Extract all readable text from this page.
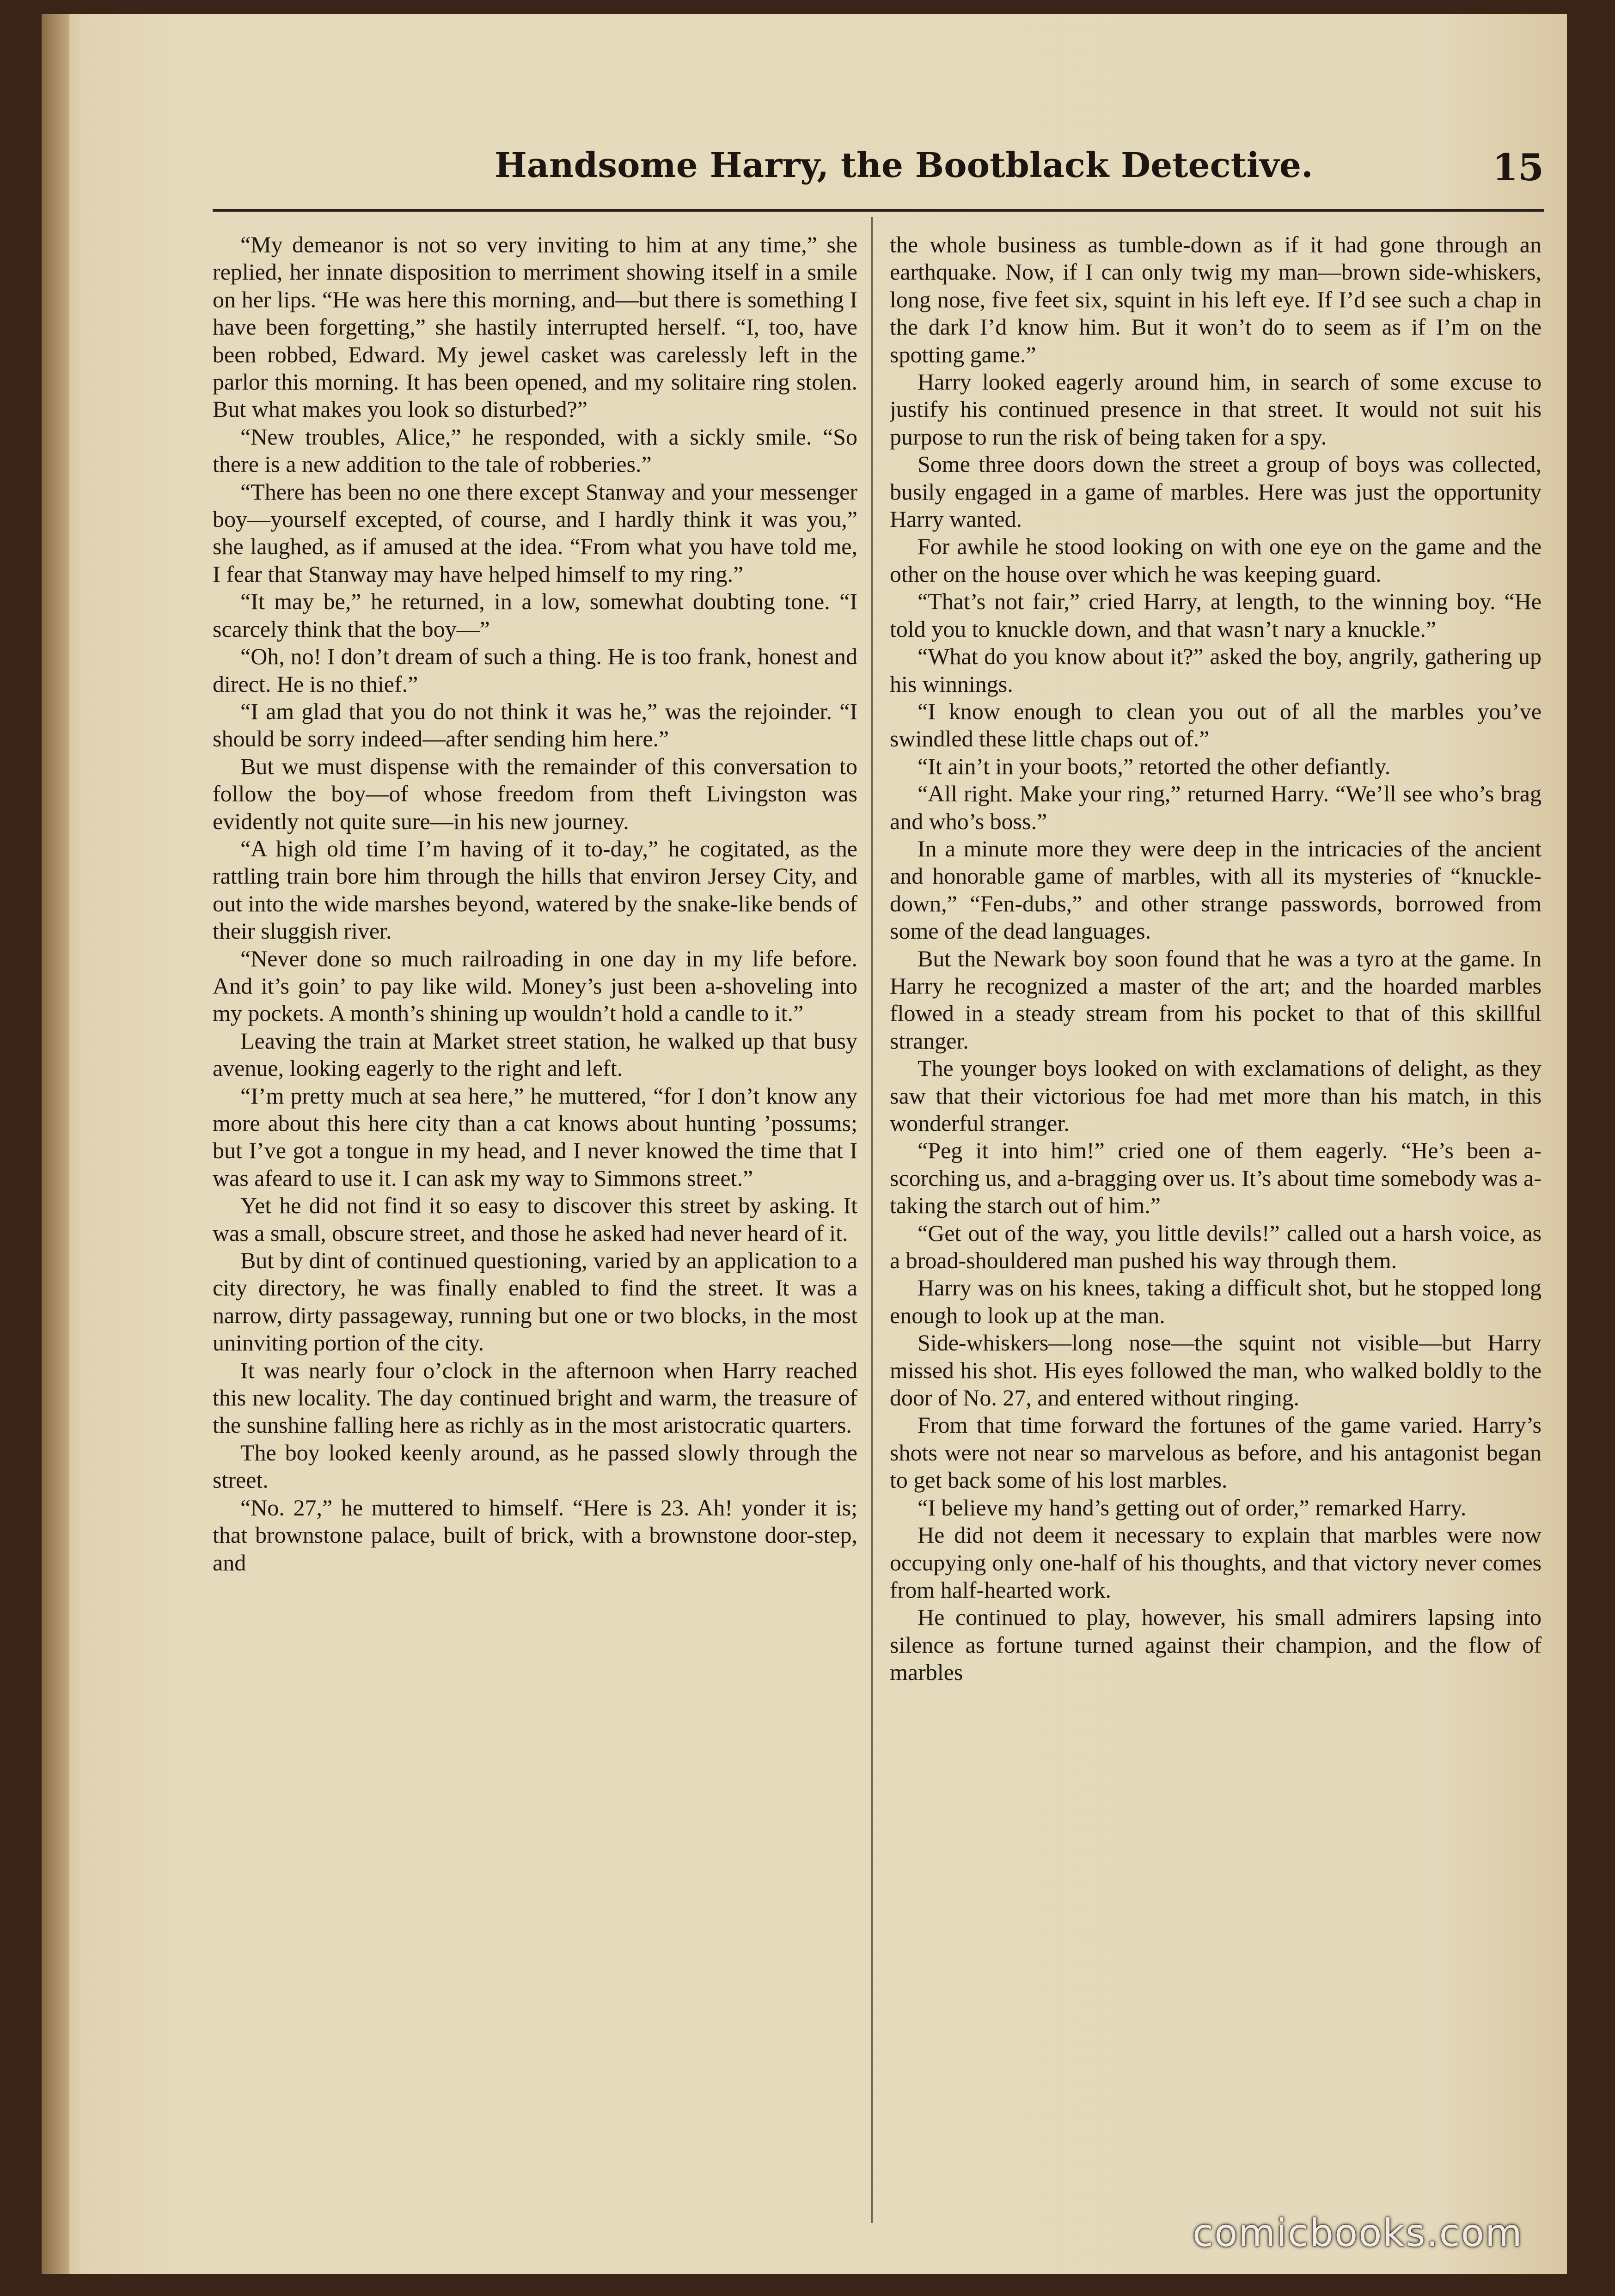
Handsome Harry, the Bootblack Detective.	15

“My demeanor is not so very inviting to him at any time,” she replied, her innate disposition to merriment showing itself in a smile on her lips. “He was here this morning, and—but there is something I have been forgetting,” she hastily interrupted herself. “I, too, have been robbed, Edward. My jewel casket was carelessly left in the parlor this morning. It has been opened, and my solitaire ring stolen. But what makes you look so disturbed?”

“New troubles, Alice,” he responded, with a sickly smile. “So there is a new addition to the tale of robberies.”

“There has been no one there except Stanway and your messenger boy—yourself excepted, of course, and I hardly think it was you,” she laughed, as if amused at the idea. “From what you have told me, I fear that Stanway may have helped himself to my ring.”

“It may be,” he returned, in a low, somewhat doubting tone. “I scarcely think that the boy—”

“Oh, no! I don’t dream of such a thing. He is too frank, honest and direct. He is no thief.”

“I am glad that you do not think it was he,” was the rejoinder. “I should be sorry indeed—after sending him here.”

But we must dispense with the remainder of this conversation to follow the boy—of whose freedom from theft Livingston was evidently not quite sure—in his new journey.

“A high old time I’m having of it to-day,” he cogitated, as the rattling train bore him through the hills that environ Jersey City, and out into the wide marshes beyond, watered by the snake-like bends of their sluggish river.

“Never done so much railroading in one day in my life before. And it’s goin’ to pay like wild. Money’s just been a-shoveling into my pockets. A month’s shining up wouldn’t hold a candle to it.”

Leaving the train at Market street station, he walked up that busy avenue, looking eagerly to the right and left.

“I’m pretty much at sea here,” he muttered, “for I don’t know any more about this here city than a cat knows about hunting ’possums; but I’ve got a tongue in my head, and I never knowed the time that I was afeard to use it. I can ask my way to Simmons street.”

Yet he did not find it so easy to discover this street by asking. It was a small, obscure street, and those he asked had never heard of it.

But by dint of continued questioning, varied by an application to a city directory, he was finally enabled to find the street. It was a narrow, dirty passageway, running but one or two blocks, in the most uninviting portion of the city.

It was nearly four o’clock in the afternoon when Harry reached this new locality. The day continued bright and warm, the treasure of the sunshine falling here as richly as in the most aristocratic quarters.

The boy looked keenly around, as he passed slowly through the street.

“No. 27,” he muttered to himself. “Here is 23. Ah! yonder it is; that brownstone palace, built of brick, with a brownstone door-step, and

the whole business as tumble-down as if it had gone through an earthquake. Now, if I can only twig my man—brown side-whiskers, long nose, five feet six, squint in his left eye. If I’d see such a chap in the dark I’d know him. But it won’t do to seem as if I’m on the spotting game.”

Harry looked eagerly around him, in search of some excuse to justify his continued presence in that street. It would not suit his purpose to run the risk of being taken for a spy.

Some three doors down the street a group of boys was collected, busily engaged in a game of marbles. Here was just the opportunity Harry wanted.

For awhile he stood looking on with one eye on the game and the other on the house over which he was keeping guard.

“That’s not fair,” cried Harry, at length, to the winning boy. “He told you to knuckle down, and that wasn’t nary a knuckle.”

“What do you know about it?” asked the boy, angrily, gathering up his winnings.

“I know enough to clean you out of all the marbles you’ve swindled these little chaps out of.”

“It ain’t in your boots,” retorted the other defiantly.

“All right. Make your ring,” returned Harry. “We’ll see who’s brag and who’s boss.”

In a minute more they were deep in the intricacies of the ancient and honorable game of marbles, with all its mysteries of “knuckle-down,” “Fen-dubs,” and other strange passwords, borrowed from some of the dead languages.

But the Newark boy soon found that he was a tyro at the game. In Harry he recognized a master of the art; and the hoarded marbles flowed in a steady stream from his pocket to that of this skillful stranger.

The younger boys looked on with exclamations of delight, as they saw that their victorious foe had met more than his match, in this wonderful stranger.

“Peg it into him!” cried one of them eagerly. “He’s been a-scorching us, and a-bragging over us. It’s about time somebody was a-taking the starch out of him.”

“Get out of the way, you little devils!” called out a harsh voice, as a broad-shouldered man pushed his way through them.

Harry was on his knees, taking a difficult shot, but he stopped long enough to look up at the man.

Side-whiskers—long nose—the squint not visible—but Harry missed his shot. His eyes followed the man, who walked boldly to the door of No. 27, and entered without ringing.

From that time forward the fortunes of the game varied. Harry’s shots were not near so marvelous as before, and his antagonist began to get back some of his lost marbles.

“I believe my hand’s getting out of order,” remarked Harry.

He did not deem it necessary to explain that marbles were now occupying only one-half of his thoughts, and that victory never comes from half-hearted work.

He continued to play, however, his small admirers lapsing into silence as fortune turned against their champion, and the flow of marbles

comicbooks.com
